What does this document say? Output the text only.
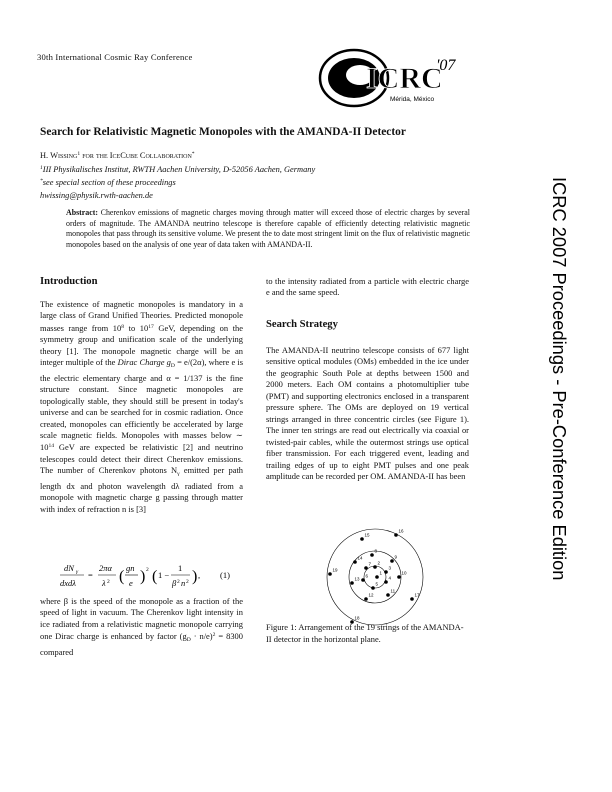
30th International Cosmic Ray Conference
ICRC
'07
Mérida, México
ICRC 2007 Proceedings - Pre-Conference Edition
Search for Relativistic Magnetic Monopoles with the AMANDA-II Detector
H. Wissing$^1$ for the IceCube Collaboration*
$^1$III Physikalisches Institut, RWTH Aachen University, D-52056 Aachen, Germany
*see special section of these proceedings
hwissing@physik.rwth-aachen.de
Abstract: Cherenkov emissions of magnetic charges moving through matter will exceed those of electric charges by several orders of magnitude. The AMANDA neutrino telescope is therefore capable of efficiently detecting relativistic magnetic monopoles that pass through its sensitive volume. We present the to date most stringent limit on the flux of relativistic magnetic monopoles based on the analysis of one year of data taken with AMANDA-II.
Introduction
The existence of magnetic monopoles is mandatory in a large class of Grand Unified Theories. Predicted monopole masses range from $10^8$ to $10^{17}$ GeV, depending on the symmetry group and unification scale of the underlying theory [1]. The monopole magnetic charge will be an integer multiple of the Dirac Charge $g_D = e/(2\alpha)$, where e is the electric elementary charge and α = 1/137 is the fine structure constant. Since magnetic monopoles are topologically stable, they should still be present in today's universe and can be searched for in cosmic radiation. Once created, monopoles can efficiently be accelerated by large scale magnetic fields. Monopoles with masses below ∼ $10^{14}$ GeV are expected be relativistic [2] and neutrino telescopes could detect their direct Cherenkov emissions. The number of Cherenkov photons $N_\gamma$ emitted per path length dx and photon wavelength dλ radiated from a monopole with magnetic charge g passing through matter with index of refraction n is [3]
dN γ
dxdλ
=
2πα
λ 2 ( gn
e ) 2 ( 1 −
1
β 2 n 2 ) , (1)
where β is the speed of the monopole as a fraction of the speed of light in vacuum. The Cherenkov light intensity in ice radiated from a relativistic magnetic monopole carrying one Dirac charge is enhanced by factor $(g_D \cdot n/e)^2 = 8300$ compared
to the intensity radiated from a particle with electric charge e and the same speed.
Search Strategy
The AMANDA-II neutrino telescope consists of 677 light sensitive optical modules (OMs) embedded in the ice under the geographic South Pole at depths between 1500 and 2000 meters. Each OM contains a photomultiplier tube (PMT) and supporting electronics enclosed in a transparent pressure sphere. The OMs are deployed on 19 vertical strings arranged in three concentric circles (see Figure 1). The inner ten strings are read out electrically via coaxial or twisted-pair cables, while the outermost strings use optical fiber transmission. For each triggered event, leading and trailing edges of up to eight PMT pulses and one peak amplitude can be recorded per OM. AMANDA-II has been
1
2
3
4
5
6
7
8
9
10
11
12
13
14
15
16
17
18
19
Figure 1: Arrangement of the 19 strings of the AMANDA-II detector in the horizontal plane.
